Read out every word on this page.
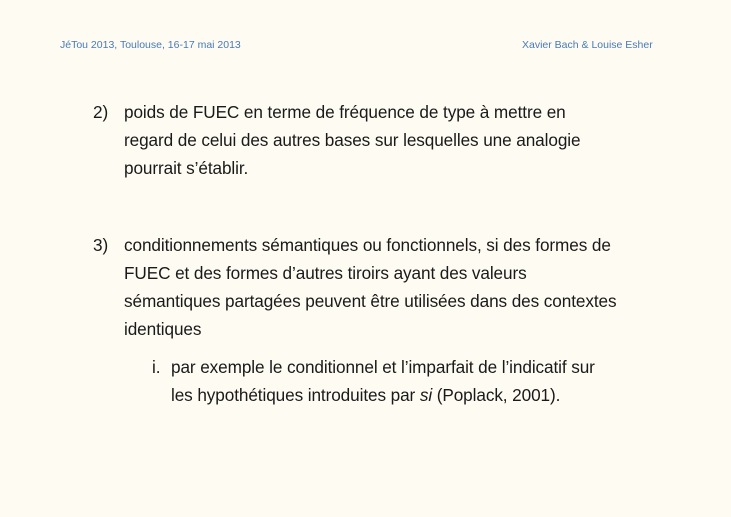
JéTou 2013, Toulouse, 16-17 mai 2013	Xavier Bach & Louise Esher
2) poids de FUEC en terme de fréquence de type à mettre en
regard de celui des autres bases sur lesquelles une analogie
pourrait s’établir.
3) conditionnements sémantiques ou fonctionnels, si des formes de
FUEC et des formes d’autres tiroirs ayant des valeurs
sémantiques partagées peuvent être utilisées dans des contextes
identiques
i. par exemple le conditionnel et l’imparfait de l’indicatif sur
les hypothétiques introduites par si (Poplack, 2001).
